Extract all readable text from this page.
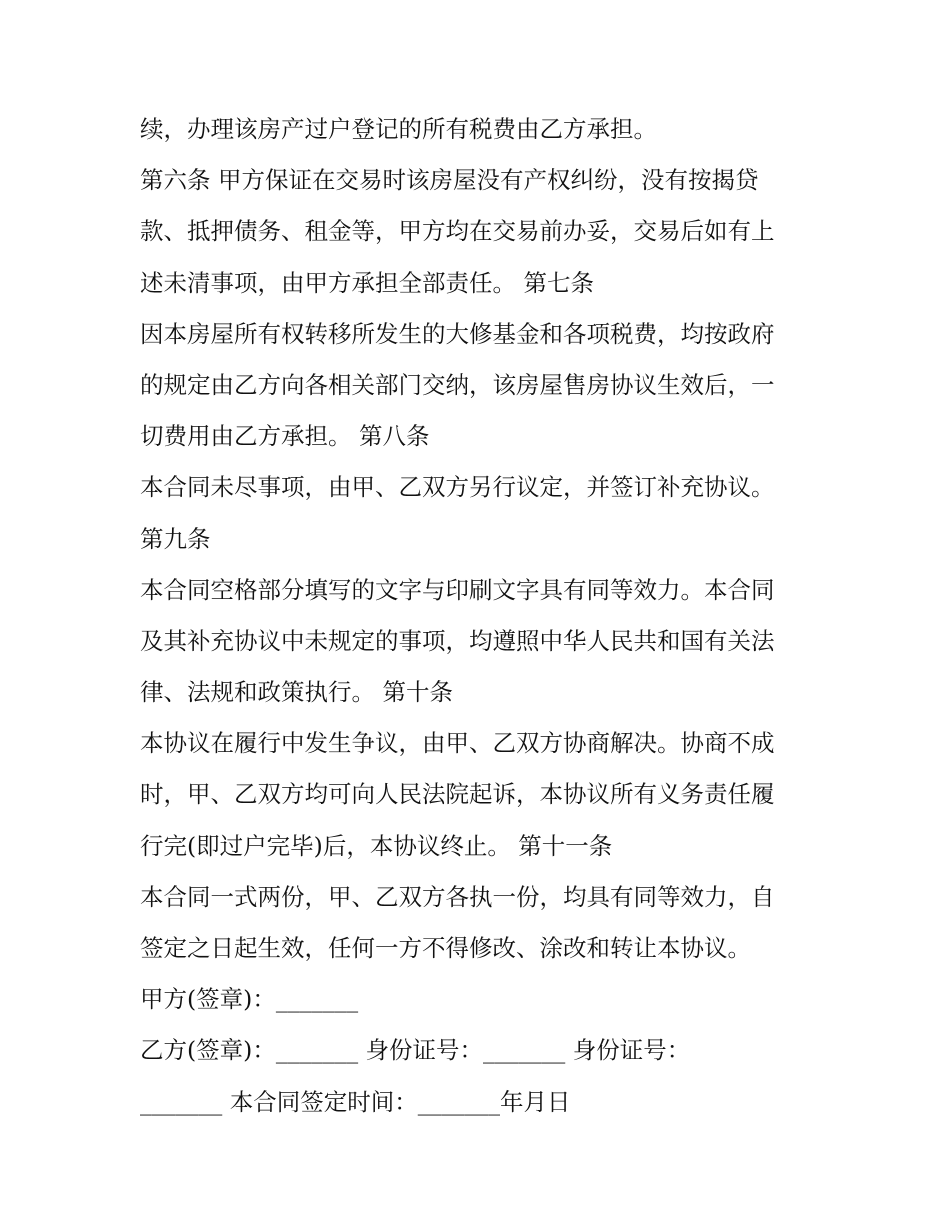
续，办理该房产过户登记的所有税费由乙方承担。
第六条 甲方保证在交易时该房屋没有产权纠纷，没有按揭贷
款、抵押债务、租金等，甲方均在交易前办妥，交易后如有上
述未清事项，由甲方承担全部责任。 第七条
因本房屋所有权转移所发生的大修基金和各项税费，均按政府
的规定由乙方向各相关部门交纳，该房屋售房协议生效后，一
切费用由乙方承担。 第八条
本合同未尽事项，由甲、乙双方另行议定，并签订补充协议。
第九条
本合同空格部分填写的文字与印刷文字具有同等效力。本合同
及其补充协议中未规定的事项，均遵照中华人民共和国有关法
律、法规和政策执行。 第十条
本协议在履行中发生争议，由甲、乙双方协商解决。协商不成
时，甲、乙双方均可向人民法院起诉，本协议所有义务责任履
行完(即过户完毕)后，本协议终止。 第十一条
本合同一式两份，甲、乙双方各执一份，均具有同等效力，自
签定之日起生效，任何一方不得修改、涂改和转让本协议。
甲方(签章)：_______
乙方(签章)：_______ 身份证号：_______ 身份证号：
_______ 本合同签定时间：_______年月日
